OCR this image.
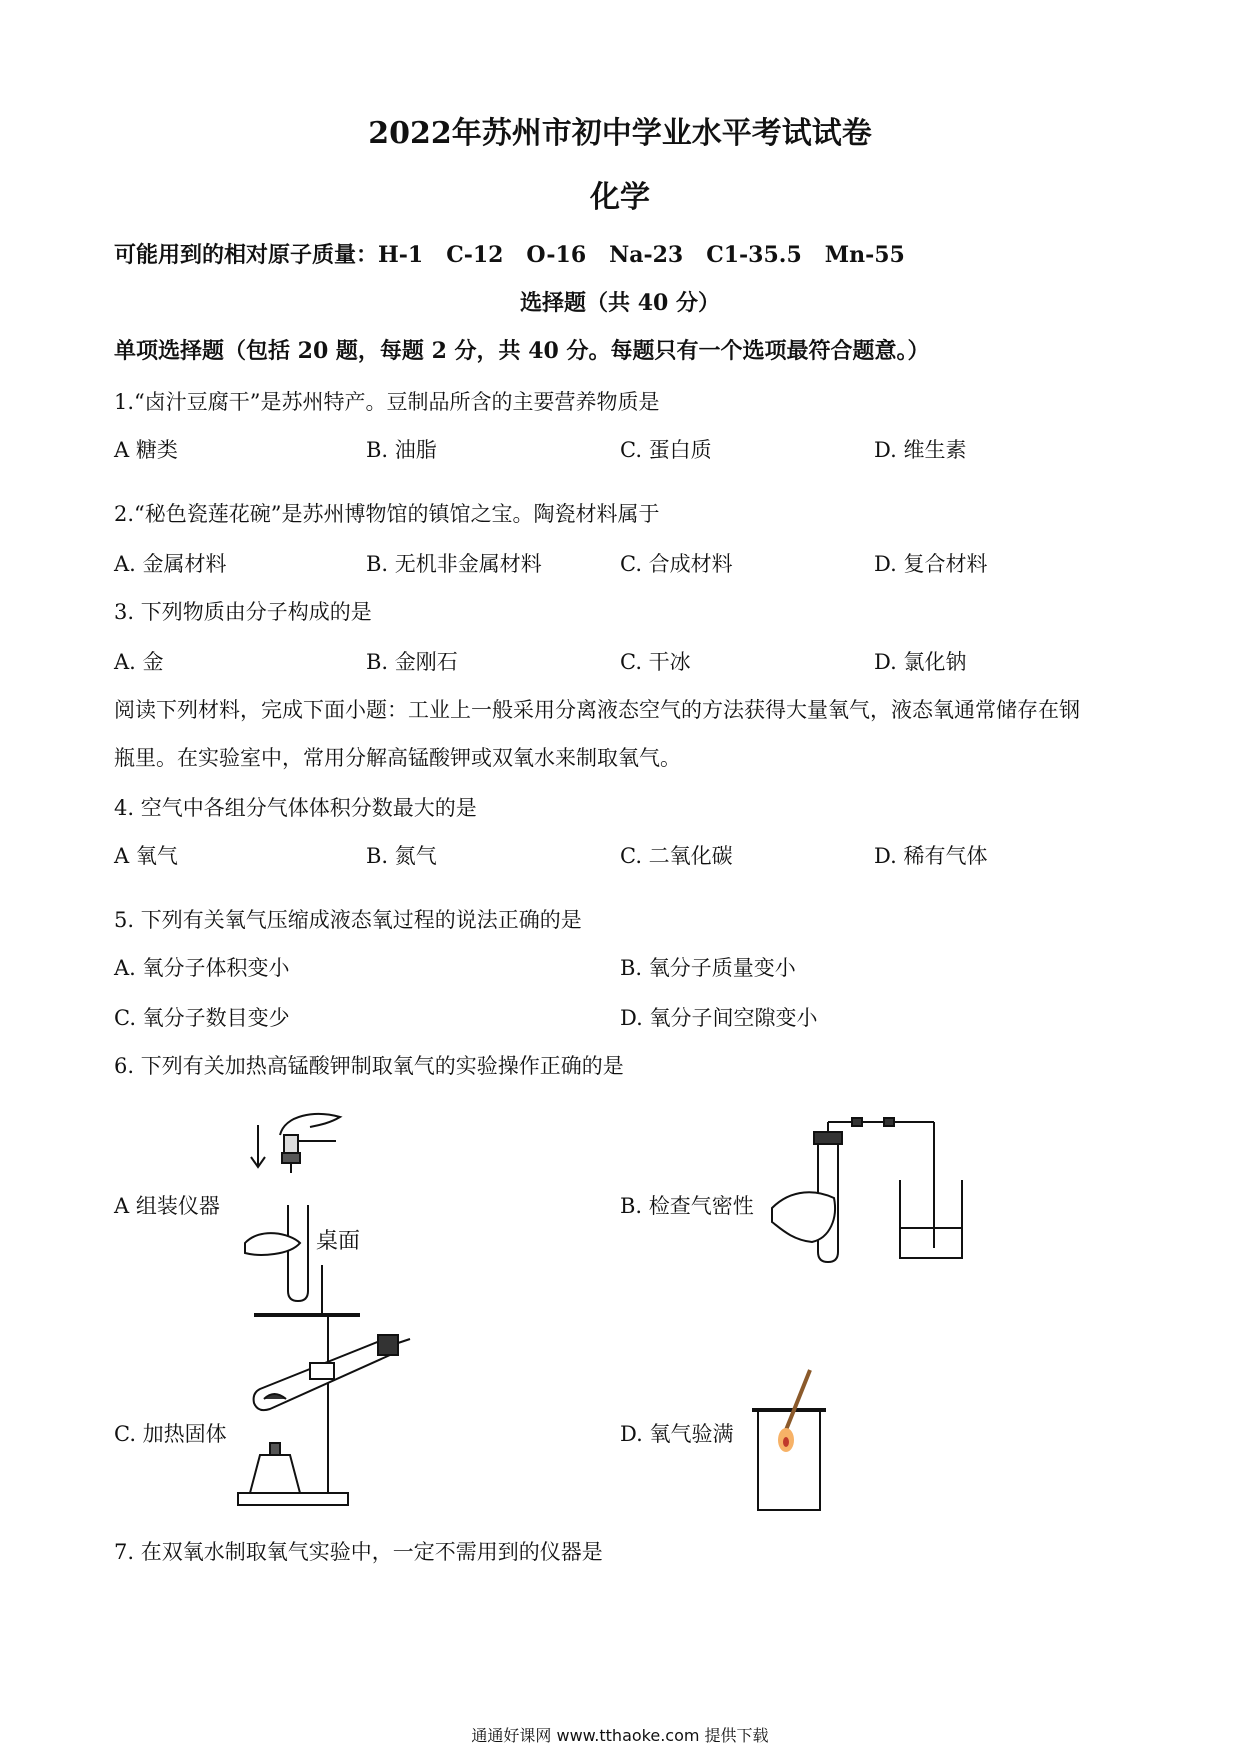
2022年苏州市初中学业水平考试试卷
化学
可能用到的相对原子质量：H-1   C-12   O-16   Na-23   C1-35.5   Mn-55
选择题（共 40 分）
单项选择题（包括 20 题，每题 2 分，共 40 分。每题只有一个选项最符合题意。）
1.“卤汁豆腐干”是苏州特产。豆制品所含的主要营养物质是
A 糖类	B. 油脂	C. 蛋白质	D. 维生素
2.“秘色瓷莲花碗”是苏州博物馆的镇馆之宝。陶瓷材料属于
A. 金属材料	B. 无机非金属材料	C. 合成材料	D. 复合材料
3. 下列物质由分子构成的是
A. 金	B. 金刚石	C. 干冰	D. 氯化钠
阅读下列材料，完成下面小题：工业上一般采用分离液态空气的方法获得大量氧气，液态氧通常储存在钢
瓶里。在实验室中，常用分解高锰酸钾或双氧水来制取氧气。
4. 空气中各组分气体体积分数最大的是
A 氧气	B. 氮气	C. 二氧化碳	D. 稀有气体
5. 下列有关氧气压缩成液态氧过程的说法正确的是
A. 氧分子体积变小	B. 氧分子质量变小
C. 氧分子数目变少	D. 氧分子间空隙变小
6. 下列有关加热高锰酸钾制取氧气的实验操作正确的是
A 组装仪器	B. 检查气密性
C. 加热固体	D. 氧气验满
桌面
7. 在双氧水制取氧气实验中，一定不需用到的仪器是
通通好课网 www.tthaoke.com 提供下载
